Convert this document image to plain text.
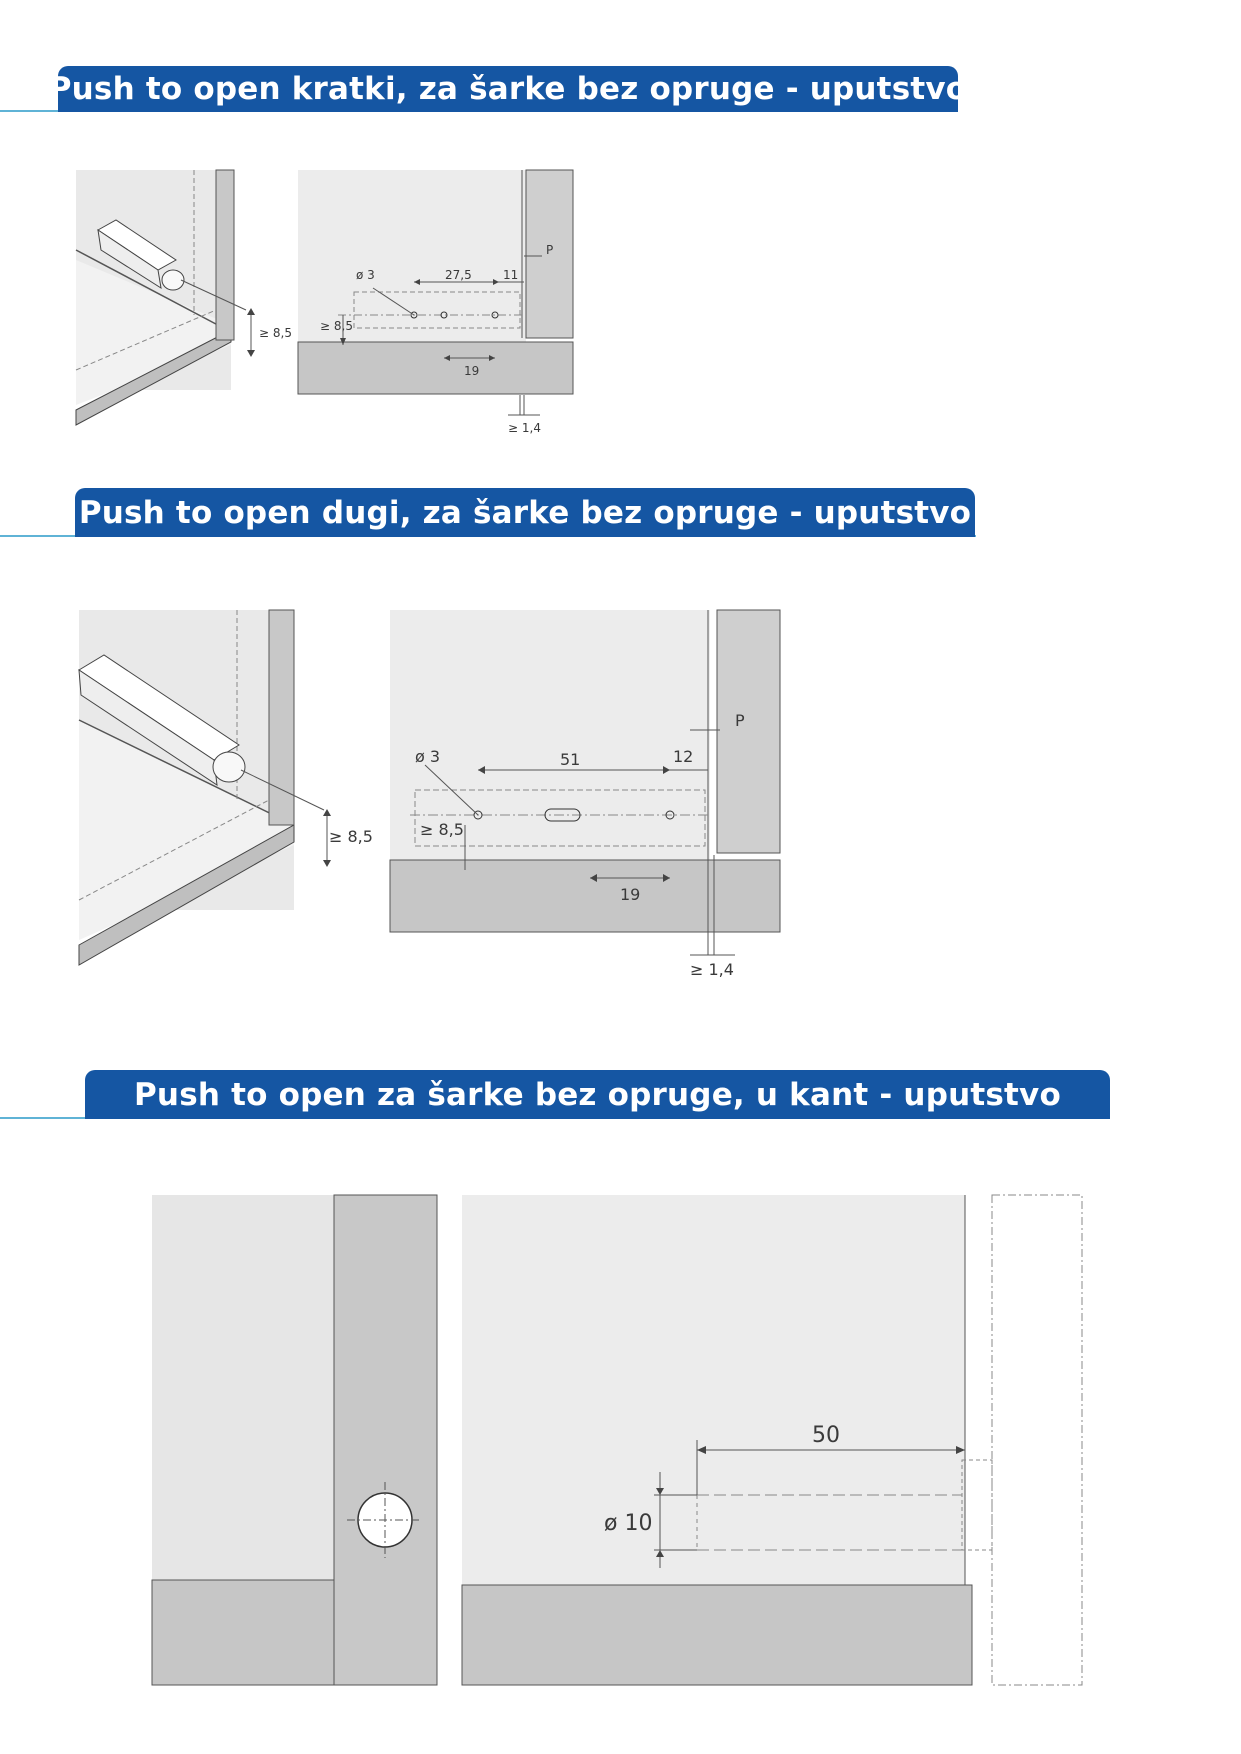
Push to open kratki, za šarke bez opruge - uputstvo
≥ 8,5
ø 3	27,5	11
P
≥ 8,5
19
≥ 1,4
Push to open dugi, za šarke bez opruge - uputstvo
≥ 8,5
ø 3	51	12
P
≥ 8,5
19
≥ 1,4
Push to open za šarke bez opruge, u kant - uputstvo
50
ø 10
